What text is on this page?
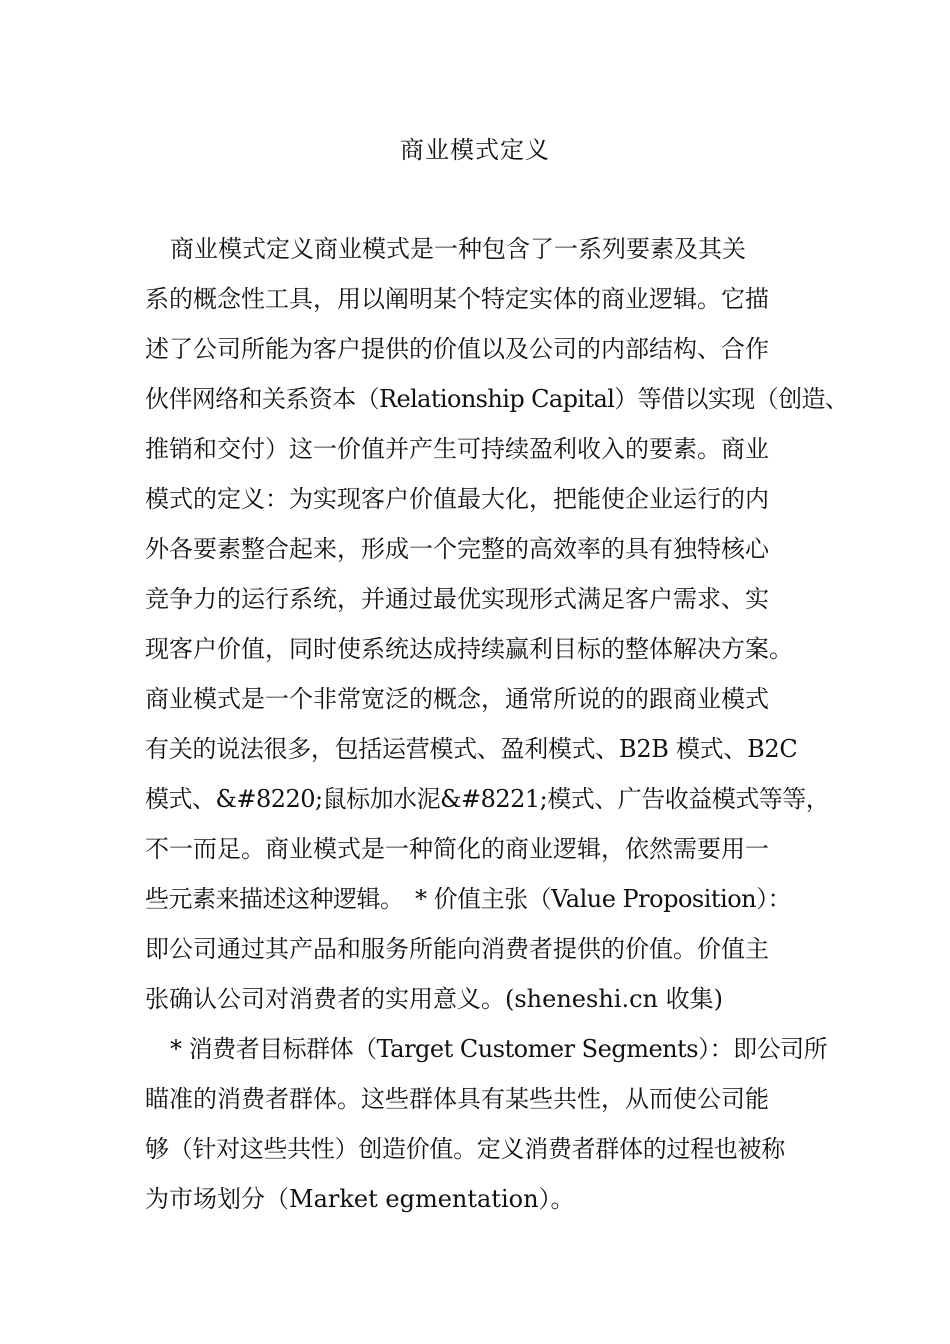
商业模式定义
商业模式定义商业模式是一种包含了一系列要素及其关
系的概念性工具，用以阐明某个特定实体的商业逻辑。它描
述了公司所能为客户提供的价值以及公司的内部结构、合作
伙伴网络和关系资本（Relationship Capital）等借以实现（创造、
推销和交付）这一价值并产生可持续盈利收入的要素。商业
模式的定义：为实现客户价值最大化，把能使企业运行的内
外各要素整合起来，形成一个完整的高效率的具有独特核心
竞争力的运行系统，并通过最优实现形式满足客户需求、实
现客户价值，同时使系统达成持续赢利目标的整体解决方案。
商业模式是一个非常宽泛的概念，通常所说的的跟商业模式
有关的说法很多，包括运营模式、盈利模式、B2B 模式、B2C
模式、&#8220;鼠标加水泥&#8221;模式、广告收益模式等等，
不一而足。商业模式是一种简化的商业逻辑，依然需要用一
些元素来描述这种逻辑。　* 价值主张（Value Proposition）：
即公司通过其产品和服务所能向消费者提供的价值。价值主
张确认公司对消费者的实用意义。(sheneshi.cn 收集)
* 消费者目标群体（Target Customer Segments）：即公司所
瞄准的消费者群体。这些群体具有某些共性，从而使公司能
够（针对这些共性）创造价值。定义消费者群体的过程也被称
为市场划分（Market egmentation）。
